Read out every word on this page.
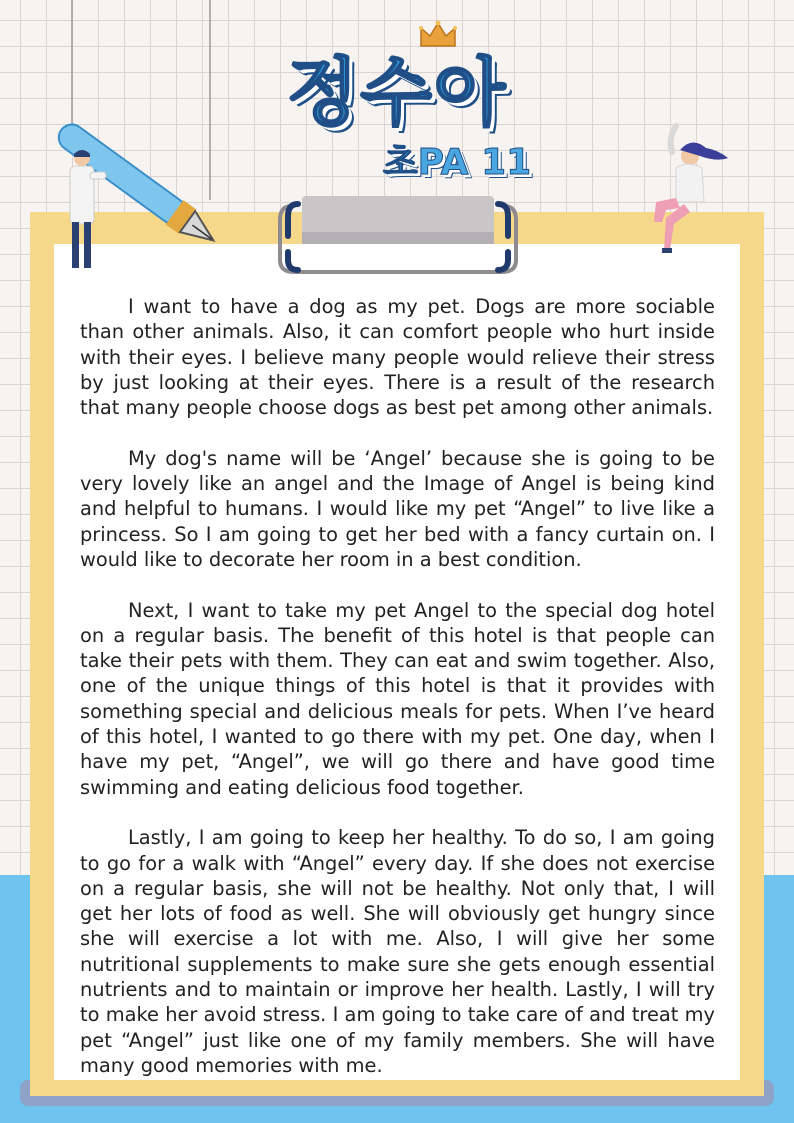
정수아
초PA 11

I want to have a dog as my pet. Dogs are more sociable than other animals. Also, it can comfort people who hurt inside with their eyes. I believe many people would relieve their stress by just looking at their eyes. There is a result of the research that many people choose dogs as best pet among other animals.

My dog's name will be ‘Angel’ because she is going to be very lovely like an angel and the Image of Angel is being kind and helpful to humans. I would like my pet “Angel” to live like a princess. So I am going to get her bed with a fancy curtain on. I would like to decorate her room in a best condition.

Next, I want to take my pet Angel to the special dog hotel on a regular basis. The benefit of this hotel is that people can take their pets with them. They can eat and swim together. Also, one of the unique things of this hotel is that it provides with something special and delicious meals for pets. When I’ve heard of this hotel, I wanted to go there with my pet. One day, when I have my pet, “Angel”, we will go there and have good time swimming and eating delicious food together.

Lastly, I am going to keep her healthy. To do so, I am going to go for a walk with “Angel” every day. If she does not exercise on a regular basis, she will not be healthy. Not only that, I will get her lots of food as well. She will obviously get hungry since she will exercise a lot with me. Also, I will give her some nutritional supplements to make sure she gets enough essential nutrients and to maintain or improve her health. Lastly, I will try to make her avoid stress. I am going to take care of and treat my pet “Angel” just like one of my family members. She will have many good memories with me.
